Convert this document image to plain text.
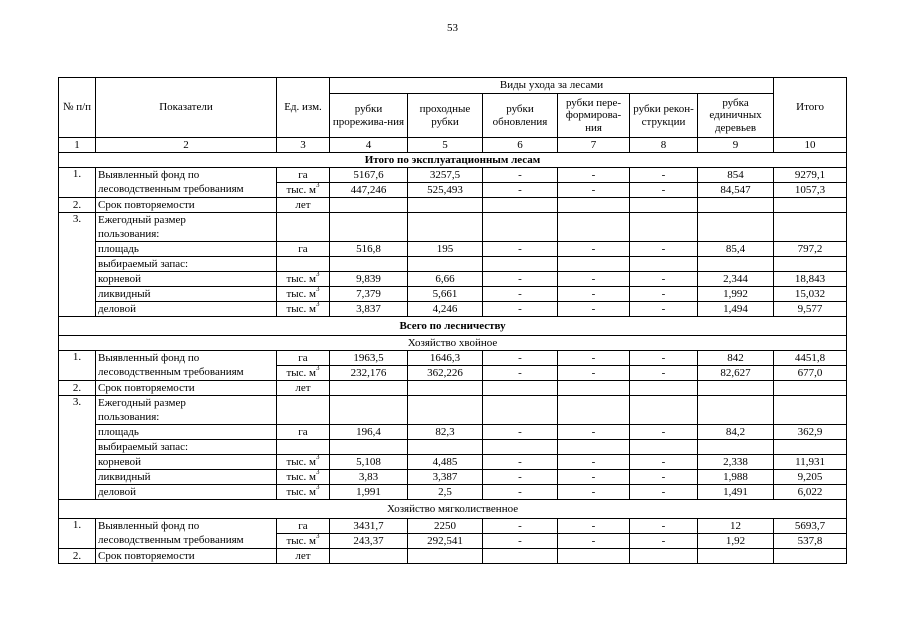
53
№ п/п	Показатели	Ед. изм.	Виды ухода за лесами						Итого
			рубки прорежива-ния	проходные рубки	рубки обновления	рубки пере-формирова-ния	рубки рекон-струкции	рубка единичных деревьев	
1	2	3	4	5	6	7	8	9	10
Итого по эксплуатационным лесам									
1.	Выявленный фонд по	га	5167,6	3257,5	-	-	-	854	9279,1
	лесоводственным требованиям	тыс. $м^3$	447,246	525,493	-	-	-	84,547	1057,3
2.	Срок повторяемости	лет							
3.	Ежегодный размер								
	пользования:								
	площадь	га	516,8	195	-	-	-	85,4	797,2
	выбираемый запас:								
	корневой	тыс. $м^3$	9,839	6,66	-	-	-	2,344	18,843
	ликвидный	тыс. $м^3$	7,379	5,661	-	-	-	1,992	15,032
	деловой	тыс. $м^3$	3,837	4,246	-	-	-	1,494	9,577
Всего по лесничеству									
Хозяйство хвойное									
1.	Выявленный фонд по	га	1963,5	1646,3	-	-	-	842	4451,8
	лесоводственным требованиям	тыс. $м^3$	232,176	362,226	-	-	-	82,627	677,0
2.	Срок повторяемости	лет							
3.	Ежегодный размер								
	пользования:								
	площадь	га	196,4	82,3	-	-	-	84,2	362,9
	выбираемый запас:								
	корневой	тыс. $м^3$	5,108	4,485	-	-	-	2,338	11,931
	ликвидный	тыс. $м^3$	3,83	3,387	-	-	-	1,988	9,205
	деловой	тыс. $м^3$	1,991	2,5	-	-	-	1,491	6,022
Хозяйство мягколиственное									
1.	Выявленный фонд по	га	3431,7	2250	-	-	-	12	5693,7
	лесоводственным требованиям	тыс. $м^3$	243,37	292,541	-	-	-	1,92	537,8
2.	Срок повторяемости	лет							
